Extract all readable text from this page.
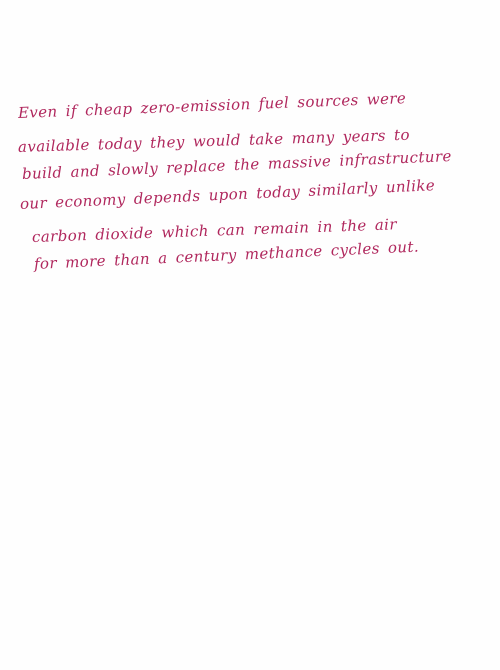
Even if cheap zero-emission fuel sources were
available today they would take many years to
build and slowly replace the massive infrastructure
our economy depends upon today similarly unlike
carbon dioxide which can remain in the air
for more than a century methance cycles out.
